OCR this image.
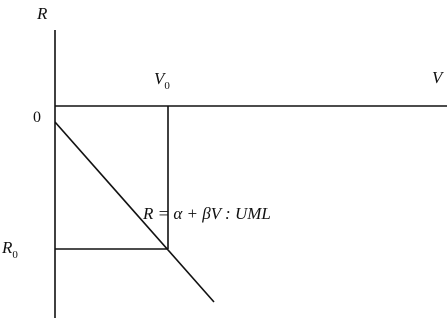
R
V
0
$V_0$
$R_0$
R = α + βV : UML
